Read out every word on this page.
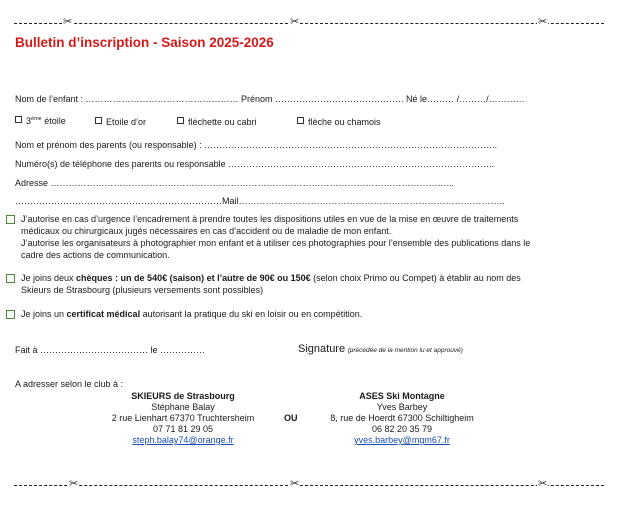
✂	✂	✂
Bulletin d’inscription - Saison 2025-2026
Nom de l’enfant : …………………………………………… Prénom ……………………………………. Né le……… /………/…………
3ème étoile	Etoile d’or	fléchette ou cabri	flèche ou chamois
Nom et prénom des parents (ou responsable) : ……………………………………………………………………………………..
Numéro(s) de téléphone des parents ou responsable ……………………………………………………………………………..
Adresse ……………………………………………………………………………………………………………………...
……………………………………………………………Mail……………………………………………………………………………..
J’autorise en cas d’urgence l’encadrement à prendre toutes les dispositions utiles en vue de la mise en œuvre de traitements
médicaux ou chirurgicaux jugés nécessaires en cas d’accident ou de maladie de mon enfant.
J’autorise les organisateurs à photographier mon enfant et à utiliser ces photographies pour l’ensemble des publications dans le
cadre des actions de communication.
Je joins deux chèques : un de 540€ (saison) et l’autre de 90€ ou 150€ (selon choix Primo ou Compet) à établir au nom des
Skieurs de Strasbourg (plusieurs versements sont possibles)
Je joins un certificat médical autorisant la pratique du ski en loisir ou en compétition.
Fait à ……………………………… le ……………	Signature (précédée de la mention lu et approuvé)
A adresser selon le club à :
SKIEURS de Strasbourg
Stéphane Balay
2 rue Lienhart 67370 Truchtersheim
07 71 81 29 05
steph.balay74@orange.fr
OU
ASES Ski Montagne
Yves Barbey
8, rue de Hoerdt 67300 Schiltigheim
06 82 20 35 79
yves.barbey@mgm67.fr
✂	✂	✂
